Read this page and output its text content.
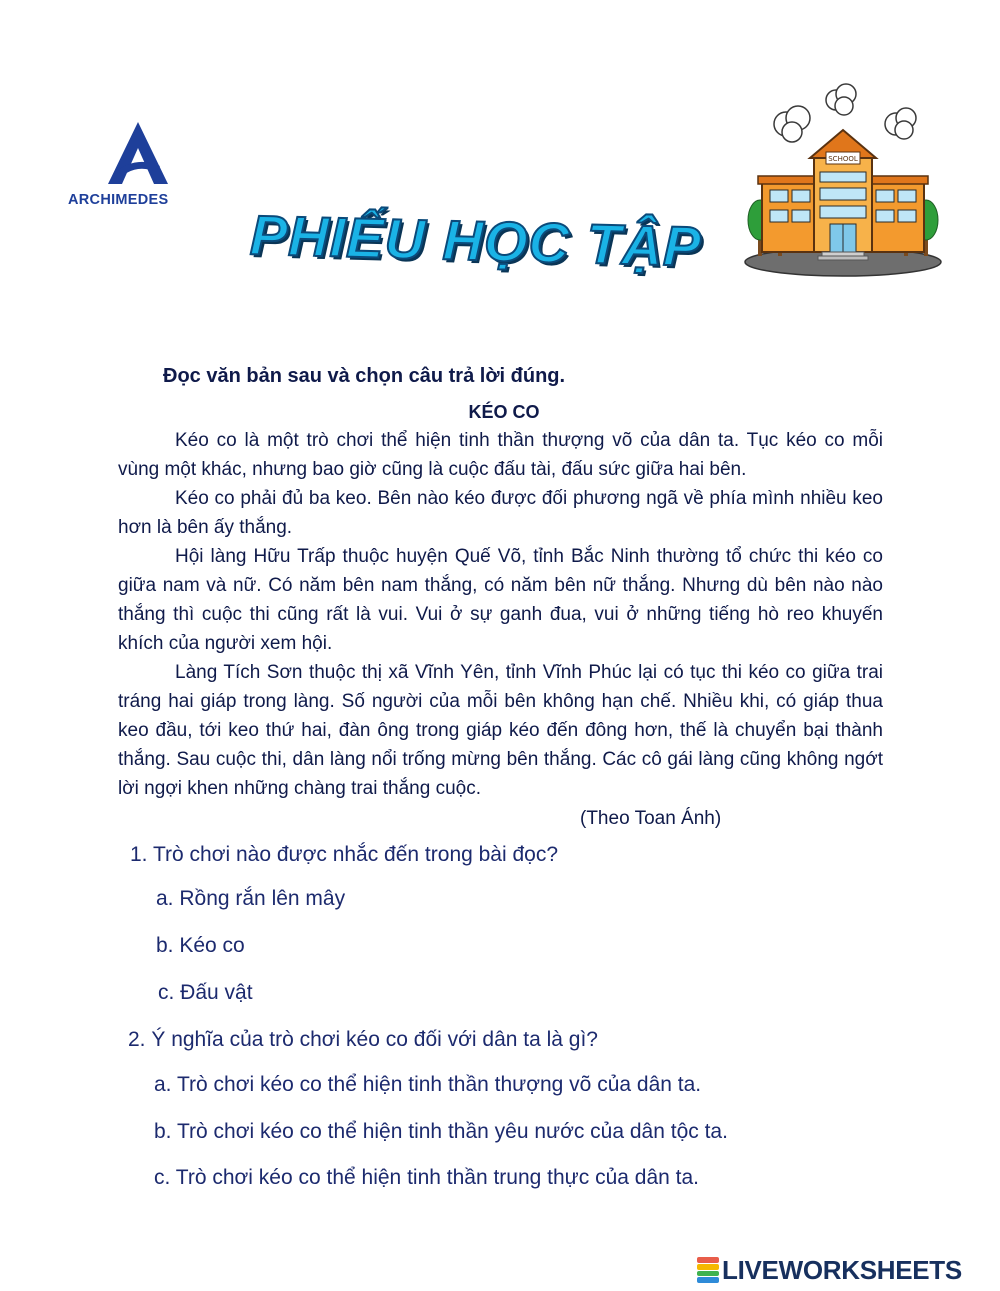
ARCHIMEDES
PHIẾU HỌC TẬP
SCHOOL
Đọc văn bản sau và chọn câu trả lời đúng.
KÉO CO

Kéo co là một trò chơi thể hiện tinh thần thượng võ của dân ta. Tục kéo co mỗi vùng một khác, nhưng bao giờ cũng là cuộc đấu tài, đấu sức giữa hai bên.

Kéo co phải đủ ba keo. Bên nào kéo được đối phương ngã về phía mình nhiều keo hơn là bên ấy thắng.

Hội làng Hữu Trấp thuộc huyện Quế Võ, tỉnh Bắc Ninh thường tổ chức thi kéo co giữa nam và nữ. Có năm bên nam thắng, có năm bên nữ thắng. Nhưng dù bên nào nào thắng thì cuộc thi cũng rất là vui. Vui ở sự ganh đua, vui ở những tiếng hò reo khuyến khích của người xem hội.

Làng Tích Sơn thuộc thị xã Vĩnh Yên, tỉnh Vĩnh Phúc lại có tục thi kéo co giữa trai tráng hai giáp trong làng. Số người của mỗi bên không hạn chế. Nhiều khi, có giáp thua keo đầu, tới keo thứ hai, đàn ông trong giáp kéo đến đông hơn, thế là chuyển bại thành thắng. Sau cuộc thi, dân làng nổi trống mừng bên thắng. Các cô gái làng cũng không ngớt lời ngợi khen những chàng trai thắng cuộc.

(Theo Toan Ánh)
1. Trò chơi nào được nhắc đến trong bài đọc?
a. Rồng rắn lên mây
b. Kéo co
c. Đấu vật
2. Ý nghĩa của trò chơi kéo co đối với dân ta là gì?
a. Trò chơi kéo co thể hiện tinh thần thượng võ của dân ta.
b. Trò chơi kéo co thể hiện tinh thần yêu nước của dân tộc ta.
c. Trò chơi kéo co thể hiện tinh thần trung thực của dân ta.
LIVEWORKSHEETS
